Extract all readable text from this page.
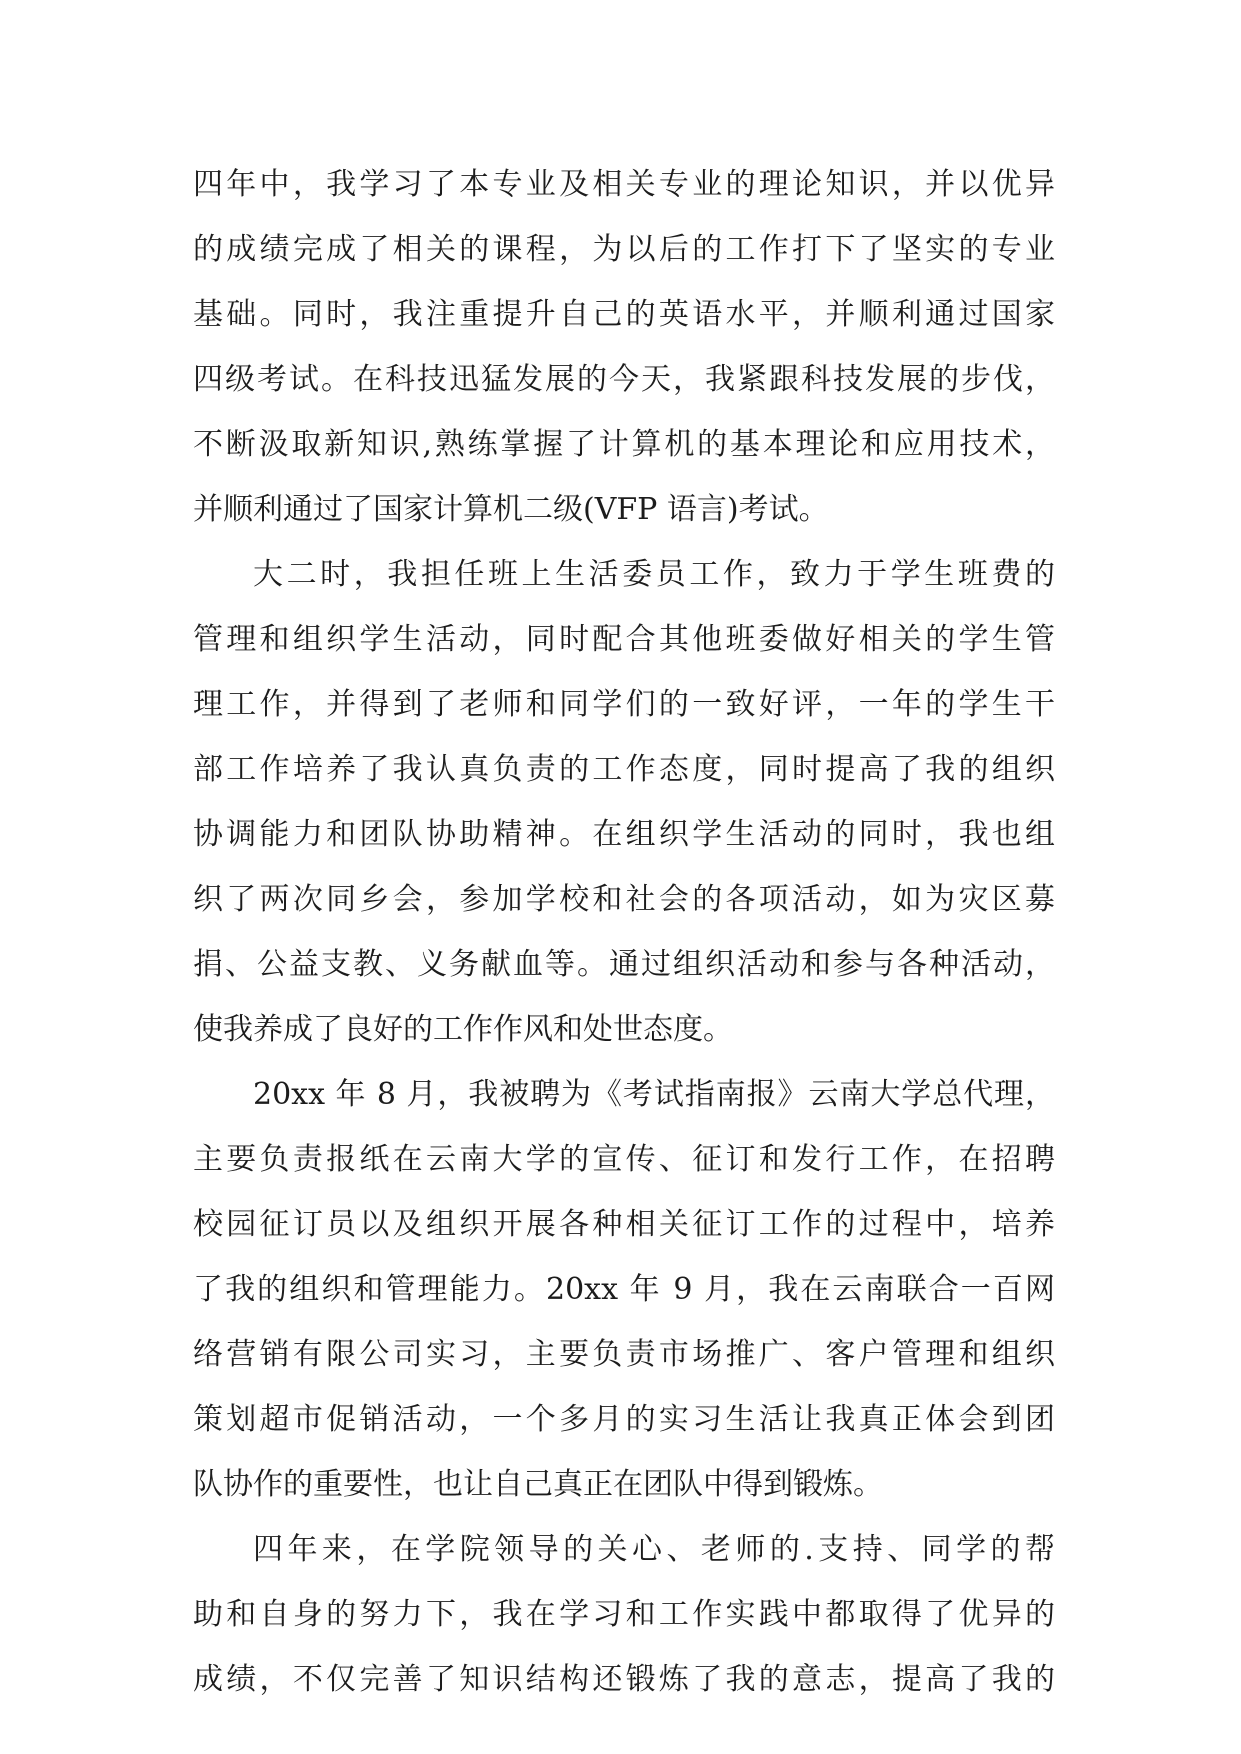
四年中，我学习了本专业及相关专业的理论知识，并以优异
的成绩完成了相关的课程，为以后的工作打下了坚实的专业
基础。同时，我注重提升自己的英语水平，并顺利通过国家
四级考试。在科技迅猛发展的今天，我紧跟科技发展的步伐，
不断汲取新知识,熟练掌握了计算机的基本理论和应用技术，
并顺利通过了国家计算机二级(VFP 语言)考试。
大二时，我担任班上生活委员工作，致力于学生班费的
管理和组织学生活动，同时配合其他班委做好相关的学生管
理工作，并得到了老师和同学们的一致好评，一年的学生干
部工作培养了我认真负责的工作态度，同时提高了我的组织
协调能力和团队协助精神。在组织学生活动的同时，我也组
织了两次同乡会，参加学校和社会的各项活动，如为灾区募
捐、公益支教、义务献血等。通过组织活动和参与各种活动，
使我养成了良好的工作作风和处世态度。
20xx 年 8 月，我被聘为《考试指南报》云南大学总代理，
主要负责报纸在云南大学的宣传、征订和发行工作，在招聘
校园征订员以及组织开展各种相关征订工作的过程中，培养
了我的组织和管理能力。20xx 年 9 月，我在云南联合一百网
络营销有限公司实习，主要负责市场推广、客户管理和组织
策划超市促销活动，一个多月的实习生活让我真正体会到团
队协作的重要性，也让自己真正在团队中得到锻炼。
四年来，在学院领导的关心、老师的.支持、同学的帮
助和自身的努力下，我在学习和工作实践中都取得了优异的
成绩，不仅完善了知识结构还锻炼了我的意志，提高了我的
